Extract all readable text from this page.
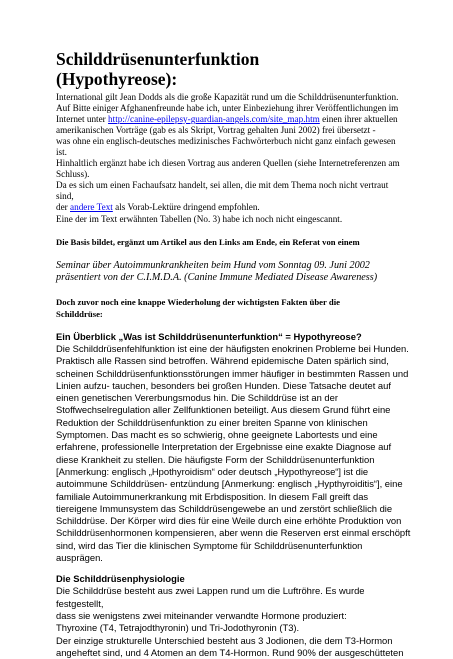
Schilddrüsenunterfunktion
(Hypothyreose):
International gilt Jean Dodds als die große Kapazität rund um die Schilddrüsenunterfunktion.
Auf Bitte einiger Afghanenfreunde habe ich, unter Einbeziehung ihrer Veröffentlichungen im
Internet unter http://canine-epilepsy-guardian-angels.com/site_map.htm einen ihrer aktuellen
amerikanischen Vorträge (gab es als Skript, Vortrag gehalten Juni 2002) frei übersetzt -
was ohne ein englisch-deutsches medizinisches Fachwörterbuch nicht ganz einfach gewesen
ist.
Hinhaltlich ergänzt habe ich diesen Vortrag aus anderen Quellen (siehe Internetreferenzen am
Schluss).
Da es sich um einen Fachaufsatz handelt, sei allen, die mit dem Thema noch nicht vertraut
sind,
der andere Text als Vorab-Lektüre dringend empfohlen.
Eine der im Text erwähnten Tabellen (No. 3) habe ich noch nicht eingescannt.

Die Basis bildet, ergänzt um Artikel aus den Links am Ende, ein Referat von einem

Seminar über Autoimmunkrankheiten beim Hund vom Sonntag 09. Juni 2002
präsentiert von der C.I.M.D.A. (Canine Immune Mediated Disease Awareness)
Doch zuvor noch eine knappe Wiederholung der wichtigsten Fakten über die
Schilddrüse:

Ein Überblick „Was ist Schilddrüsenunterfunktion“ = Hypothyreose?

Die Schilddrüsenfehlfunktion ist eine der häufigsten enokrinen Probleme bei Hunden.
Praktisch alle Rassen sind betroffen. Während epidemische Daten spärlich sind,
scheinen Schilddrüsenfunktionsstörungen immer häufiger in bestimmten Rassen und
Linien aufzu- tauchen, besonders bei großen Hunden. Diese Tatsache deutet auf
einen genetischen Vererbungsmodus hin. Die Schilddrüse ist an der
Stoffwechselregulation aller Zellfunktionen beteiligt. Aus diesem Grund führt eine
Reduktion der Schilddrüsenfunktion zu einer breiten Spanne von klinischen
Symptomen. Das macht es so schwierig, ohne geeignete Labortests und eine
erfahrene, professionelle Interpretation der Ergebnisse eine exakte Diagnose auf
diese Krankheit zu stellen. Die häufigste Form der Schilddrüsenunterfunktion
[Anmerkung: englisch „Hpothyroidism“ oder deutsch „Hypothyreose“] ist die
autoimmune Schilddrüsen- entzündung [Anmerkung: englisch „Hypthyroiditis“], eine
familiale Autoimmunerkrankung mit Erbdisposition. In diesem Fall greift das
tiereigene Immunsystem das Schilddrüsengewebe an und zerstört schließlich die
Schilddrüse. Der Körper wird dies für eine Weile durch eine erhöhte Produktion von
Schilddrüsenhormonen kompensieren, aber wenn die Reserven erst einmal erschöpft
sind, wird das Tier die klinischen Symptome für Schilddrüsenunterfunktion
ausprägen.

Die Schilddrüsenphysiologie

Die Schilddrüse besteht aus zwei Lappen rund um die Luftröhre. Es wurde
festgestellt,
dass sie wenigstens zwei miteinander verwandte Hormone produziert:
Thyroxine (T4, Tetrajodthyronin) und Tri-Jodothyronin (T3).
Der einzige strukturelle Unterschied besteht aus 3 Jodionen, die dem T3-Hormon
angeheftet sind, und 4 Atomen an dem T4-Hormon. Rund 90% der ausgeschütteten
